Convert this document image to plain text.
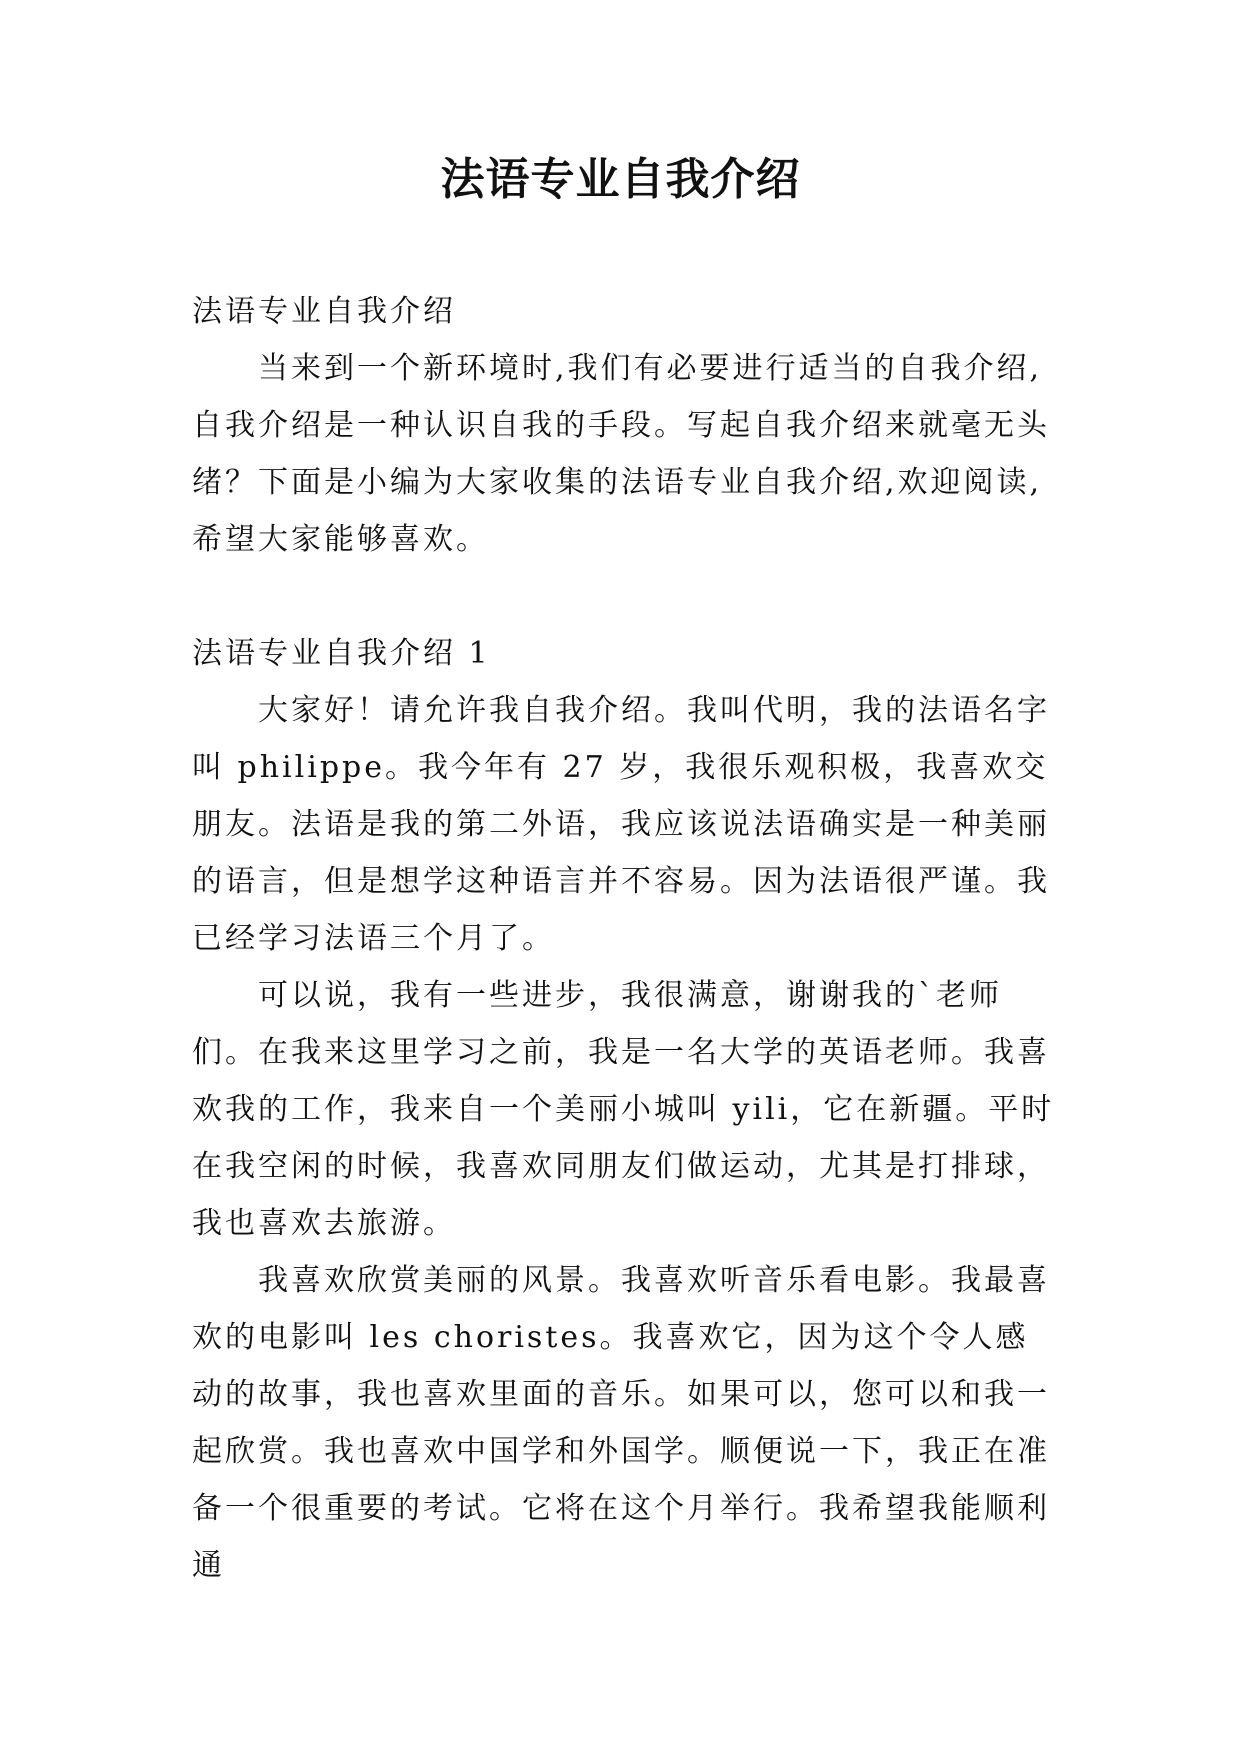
法语专业自我介绍

法语专业自我介绍

当来到一个新环境时,我们有必要进行适当的自我介绍,自我介绍是一种认识自我的手段。写起自我介绍来就毫无头绪？下面是小编为大家收集的法语专业自我介绍,欢迎阅读,希望大家能够喜欢。

法语专业自我介绍 1

大家好！请允许我自我介绍。我叫代明，我的法语名字叫 philippe。我今年有 27 岁，我很乐观积极，我喜欢交朋友。法语是我的第二外语，我应该说法语确实是一种美丽的语言，但是想学这种语言并不容易。因为法语很严谨。我已经学习法语三个月了。

可以说，我有一些进步，我很满意，谢谢我的`老师们。在我来这里学习之前，我是一名大学的英语老师。我喜欢我的工作，我来自一个美丽小城叫 yili，它在新疆。平时在我空闲的时候，我喜欢同朋友们做运动，尤其是打排球，我也喜欢去旅游。

我喜欢欣赏美丽的风景。我喜欢听音乐看电影。我最喜欢的电影叫 les choristes。我喜欢它，因为这个令人感动的故事，我也喜欢里面的音乐。如果可以，您可以和我一起欣赏。我也喜欢中国学和外国学。顺便说一下，我正在准备一个很重要的考试。它将在这个月举行。我希望我能顺利通
